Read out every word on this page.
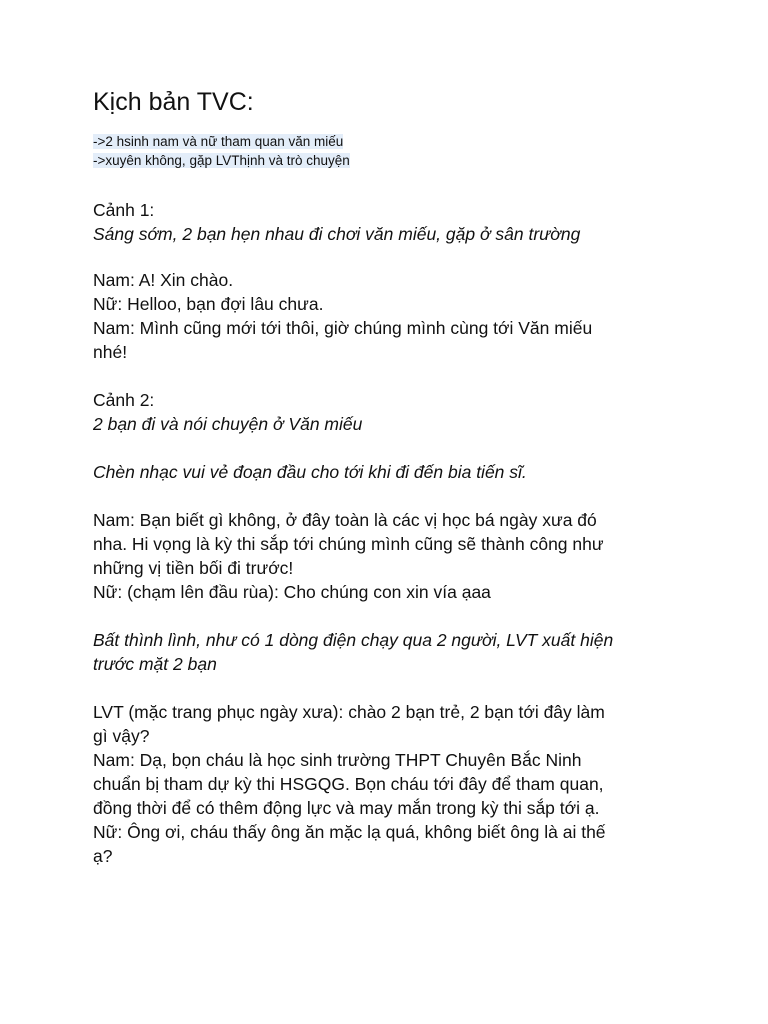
Kịch bản TVC:
->2 hsinh nam và nữ tham quan văn miếu
->xuyên không, gặp LVThịnh và trò chuyện
Cảnh 1:
Sáng sớm, 2 bạn hẹn nhau đi chơi văn miếu, gặp ở sân trường
Nam: A! Xin chào.
Nữ: Helloo, bạn đợi lâu chưa.
Nam: Mình cũng mới tới thôi, giờ chúng mình cùng tới Văn miếu
nhé!
Cảnh 2:
2 bạn đi và nói chuyện ở Văn miếu
Chèn nhạc vui vẻ đoạn đầu cho tới khi đi đến bia tiến sĩ.
Nam: Bạn biết gì không, ở đây toàn là các vị học bá ngày xưa đó
nha. Hi vọng là kỳ thi sắp tới chúng mình cũng sẽ thành công như
những vị tiền bối đi trước!
Nữ: (chạm lên đầu rùa): Cho chúng con xin vía ạaa
Bất thình lình, như có 1 dòng điện chạy qua 2 người, LVT xuất hiện
trước mặt 2 bạn
LVT (mặc trang phục ngày xưa): chào 2 bạn trẻ, 2 bạn tới đây làm
gì vậy?
Nam: Dạ, bọn cháu là học sinh trường THPT Chuyên Bắc Ninh
chuẩn bị tham dự kỳ thi HSGQG. Bọn cháu tới đây để tham quan,
đồng thời để có thêm động lực và may mắn trong kỳ thi sắp tới ạ.
Nữ: Ông ơi, cháu thấy ông ăn mặc lạ quá, không biết ông là ai thế
ạ?
